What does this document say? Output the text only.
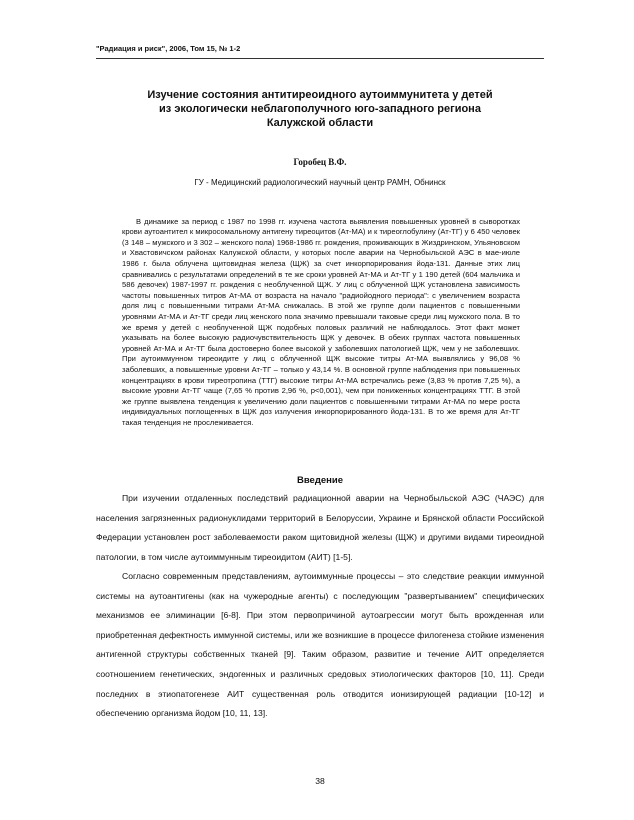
"Радиация и риск", 2006, Том 15, № 1-2
Изучение состояния антитиреоидного аутоиммунитета у детей
из экологически неблагополучного юго-западного региона
Калужской области
Горобец В.Ф.
ГУ - Медицинский радиологический научный центр РАМН, Обнинск

В динамике за период с 1987 по 1998 гг. изучена частота выявления повышенных уровней в сыворотках крови аутоантител к микросомальному антигену тиреоцитов (Ат-МА) и к тиреоглобулину (Ат-ТГ) у 6 450 человек (3 148 – мужского и 3 302 – женского пола) 1968-1986 гг. рождения, проживающих в Жиздринском, Ульяновском и Хвастовичском районах Калужской области, у которых после аварии на Чернобыльской АЭС в мае-июле 1986 г. была облучена щитовидная железа (ЩЖ) за счет инкорпорирования йода-131. Данные этих лиц сравнивались с результатами определений в те же сроки уровней Ат-МА и Ат-ТГ у 1 190 детей (604 мальчика и 586 девочек) 1987-1997 гг. рождения с необлученной ЩЖ. У лиц с облученной ЩЖ установлена зависимость частоты повышенных титров Ат-МА от возраста на начало "радиойодного периода": с увеличением возраста доля лиц с повышенными титрами Ат-МА снижалась. В этой же группе доли пациентов с повышенными уровнями Ат-МА и Ат-ТГ среди лиц женского пола значимо превышали таковые среди лиц мужского пола. В то же время у детей с необлученной ЩЖ подобных половых различий не наблюдалось. Этот факт может указывать на более высокую радиочувствительность ЩЖ у девочек. В обеих группах частота повышенных уровней Ат-МА и Ат-ТГ была достоверно более высокой у заболевших патологией ЩЖ, чем у не заболевших. При аутоиммунном тиреоидите у лиц с облученной ЩЖ высокие титры Ат-МА выявлялись у 96,08 % заболевших, а повышенные уровни Ат-ТГ – только у 43,14 %. В основной группе наблюдения при повышенных концентрациях в крови тиреотропина (ТТГ) высокие титры Ат-МА встречались реже (3,83 % против 7,25 %), а высокие уровни Ат-ТГ чаще (7,65 % против 2,96 %, p<0,001), чем при пониженных концентрациях ТТГ. В этой же группе выявлена тенденция к увеличению доли пациентов с повышенными титрами Ат-МА по мере роста индивидуальных поглощенных в ЩЖ доз излучения инкорпорированного йода-131. В то же время для Ат-ТГ такая тенденция не прослеживается.

Введение

При изучении отдаленных последствий радиационной аварии на Чернобыльской АЭС (ЧАЭС) для населения загрязненных радионуклидами территорий в Белоруссии, Украине и Брянской области Российской Федерации установлен рост заболеваемости раком щитовидной железы (ЩЖ) и другими видами тиреоидной патологии, в том числе аутоиммунным тиреоидитом (АИТ) [1-5].

Согласно современным представлениям, аутоиммунные процессы – это следствие реакции иммунной системы на аутоантигены (как на чужеродные агенты) с последующим "развертыванием" специфических механизмов ее элиминации [6-8]. При этом первопричиной аутоагрессии могут быть врожденная или приобретенная дефектность иммунной системы, или же возникшие в процессе филогенеза стойкие изменения антигенной структуры собственных тканей [9]. Таким образом, развитие и течение АИТ определяется соотношением генетических, эндогенных и различных средовых этиологических факторов [10, 11]. Среди последних в этиопатогенезе АИТ существенная роль отводится ионизирующей радиации [10-12] и обеспечению организма йодом [10, 11, 13].

38
